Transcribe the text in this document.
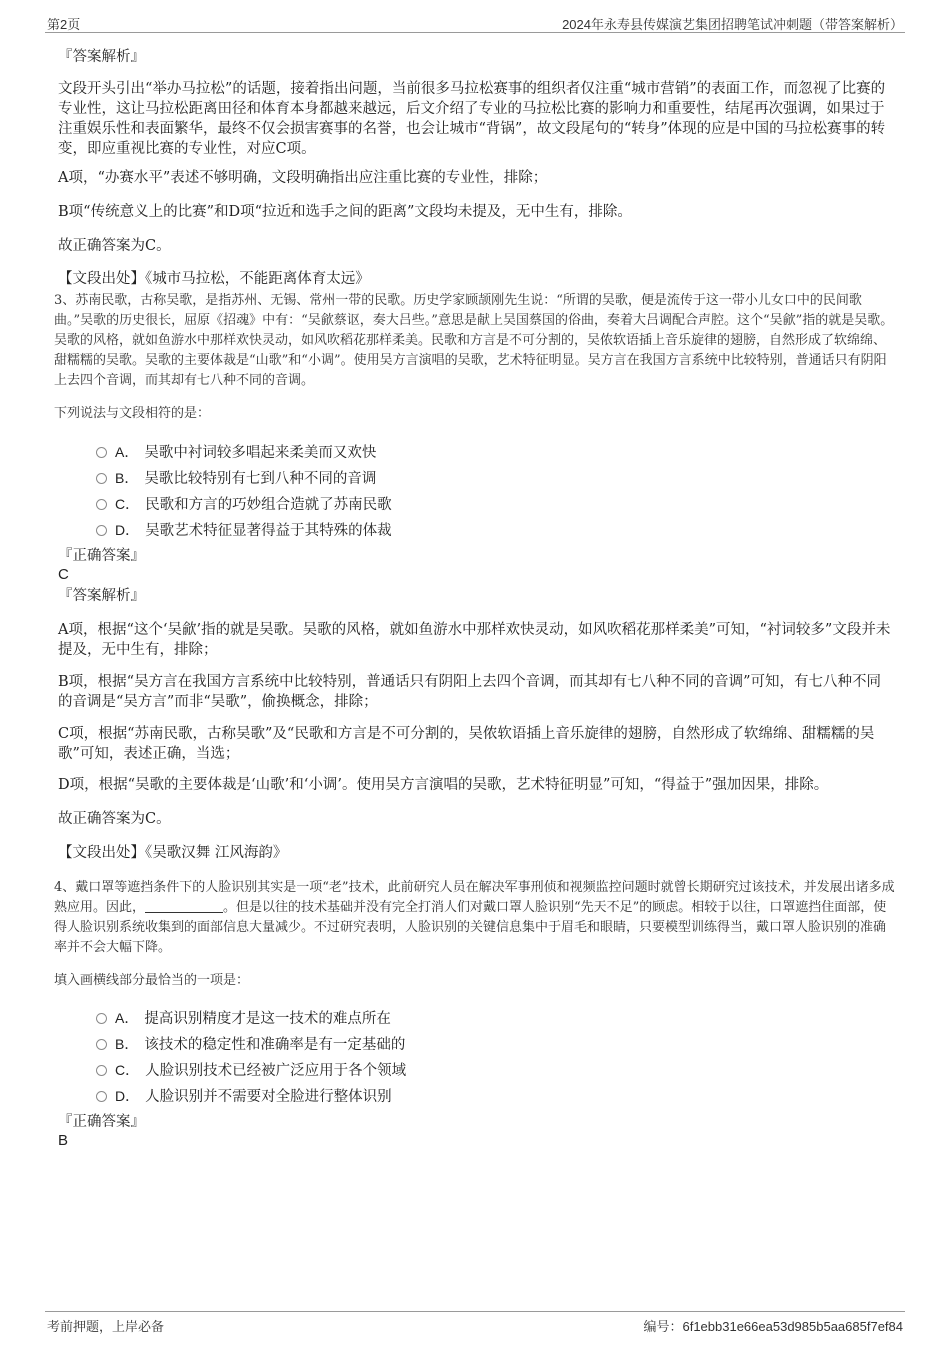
第2页	2024年永寿县传媒演艺集团招聘笔试冲刺题（带答案解析）
『答案解析』
文段开头引出“举办马拉松”的话题，接着指出问题，当前很多马拉松赛事的组织者仅注重“城市营销”的表面工作，而忽视了比赛的专业性，这让马拉松距离田径和体育本身都越来越远，后文介绍了专业的马拉松比赛的影响力和重要性，结尾再次强调，如果过于注重娱乐性和表面繁华，最终不仅会损害赛事的名誉，也会让城市“背锅”，故文段尾句的“转身”体现的应是中国的马拉松赛事的转变，即应重视比赛的专业性，对应C项。
A项，“办赛水平”表述不够明确，文段明确指出应注重比赛的专业性，排除；
B项“传统意义上的比赛”和D项“拉近和选手之间的距离”文段均未提及，无中生有，排除。
故正确答案为C。
【文段出处】《城市马拉松，不能距离体育太远》
3、苏南民歌，古称吴歌，是指苏州、无锡、常州一带的民歌。历史学家顾颉刚先生说：“所谓的吴歌，便是流传于这一带小儿女口中的民间歌曲。”吴歌的历史很长，屈原《招魂》中有：“吴歈蔡讴，奏大吕些。”意思是献上吴国蔡国的俗曲，奏着大吕调配合声腔。这个“吴歈”指的就是吴歌。吴歌的风格，就如鱼游水中那样欢快灵动，如风吹稻花那样柔美。民歌和方言是不可分割的，吴侬软语插上音乐旋律的翅膀，自然形成了软绵绵、甜糯糯的吴歌。吴歌的主要体裁是“山歌”和“小调”。使用吴方言演唱的吴歌，艺术特征明显。吴方言在我国方言系统中比较特别，普通话只有阴阳上去四个音调，而其却有七八种不同的音调。
下列说法与文段相符的是：
A． 吴歌中衬词较多唱起来柔美而又欢快
B． 吴歌比较特别有七到八种不同的音调
C． 民歌和方言的巧妙组合造就了苏南民歌
D． 吴歌艺术特征显著得益于其特殊的体裁
『正确答案』
C
『答案解析』
A项，根据“这个‘吴歈’指的就是吴歌。吴歌的风格，就如鱼游水中那样欢快灵动，如风吹稻花那样柔美”可知，“衬词较多”文段并未提及，无中生有，排除；
B项，根据“吴方言在我国方言系统中比较特别，普通话只有阴阳上去四个音调，而其却有七八种不同的音调”可知，有七八种不同的音调是“吴方言”而非“吴歌”，偷换概念，排除；
C项，根据“苏南民歌，古称吴歌”及“民歌和方言是不可分割的，吴侬软语插上音乐旋律的翅膀，自然形成了软绵绵、甜糯糯的吴歌”可知，表述正确，当选；
D项，根据“吴歌的主要体裁是‘山歌’和‘小调’。使用吴方言演唱的吴歌，艺术特征明显”可知，“得益于”强加因果，排除。
故正确答案为C。
【文段出处】《吴歌汉舞 江风海韵》
4、戴口罩等遮挡条件下的人脸识别其实是一项“老”技术，此前研究人员在解决军事刑侦和视频监控问题时就曾长期研究过该技术，并发展出诸多成熟应用。因此，	。但是以往的技术基础并没有完全打消人们对戴口罩人脸识别“先天不足”的顾虑。相较于以往，口罩遮挡住面部，使得人脸识别系统收集到的面部信息大量减少。不过研究表明，人脸识别的关键信息集中于眉毛和眼睛，只要模型训练得当，戴口罩人脸识别的准确率并不会大幅下降。
填入画横线部分最恰当的一项是：
A． 提高识别精度才是这一技术的难点所在
B． 该技术的稳定性和准确率是有一定基础的
C． 人脸识别技术已经被广泛应用于各个领域
D． 人脸识别并不需要对全脸进行整体识别
『正确答案』
B
考前押题，上岸必备	编号：6f1ebb31e66ea53d985b5aa685f7ef84
